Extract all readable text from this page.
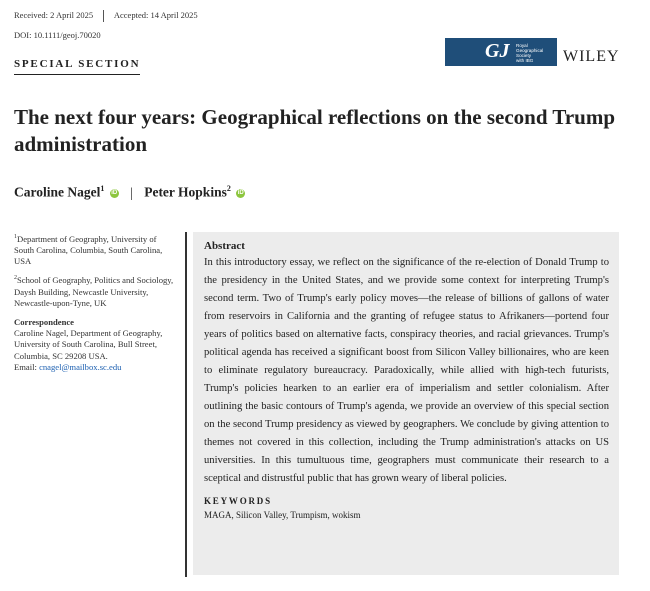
Received: 2 April 2025 Accepted: 14 April 2025
DOI: 10.1111/geoj.70020
SPECIAL SECTION
GJ Royal
Geographical
Society
with IBG	WILEY
The next four years: Geographical reflections on the second Trump administration
Caroline Nagel$^1$ iD | Peter Hopkins$^2$ iD

$^1$Department of Geography, University of South Carolina, Columbia, South Carolina, USA

$^2$School of Geography, Politics and Sociology, Daysh Building, Newcastle University, Newcastle-upon-Tyne, UK

Correspondence
Caroline Nagel, Department of Geography, University of South Carolina, Bull Street, Columbia, SC 29208 USA.
Email: cnagel@mailbox.sc.edu
Abstract

In this introductory essay, we reflect on the significance of the re-election of Donald Trump to the presidency in the United States, and we provide some context for interpreting Trump's second term. Two of Trump's early policy moves—the release of billions of gallons of water from reservoirs in California and the granting of refugee status to Afrikaners—portend four years of politics based on alternative facts, conspiracy theories, and racial grievances. Trump's political agenda has received a significant boost from Silicon Valley billionaires, who are keen to eliminate regulatory bureaucracy. Paradoxically, while allied with high-tech futurists, Trump's policies hearken to an earlier era of imperialism and settler colonialism. After outlining the basic contours of Trump's agenda, we provide an overview of this special section on the second Trump presidency as viewed by geographers. We conclude by giving attention to themes not covered in this collection, including the Trump administration's attacks on US universities. In this tumultuous time, geographers must communicate their research to a sceptical and distrustful public that has grown weary of liberal policies.

KEYWORDS
MAGA, Silicon Valley, Trumpism, wokism
